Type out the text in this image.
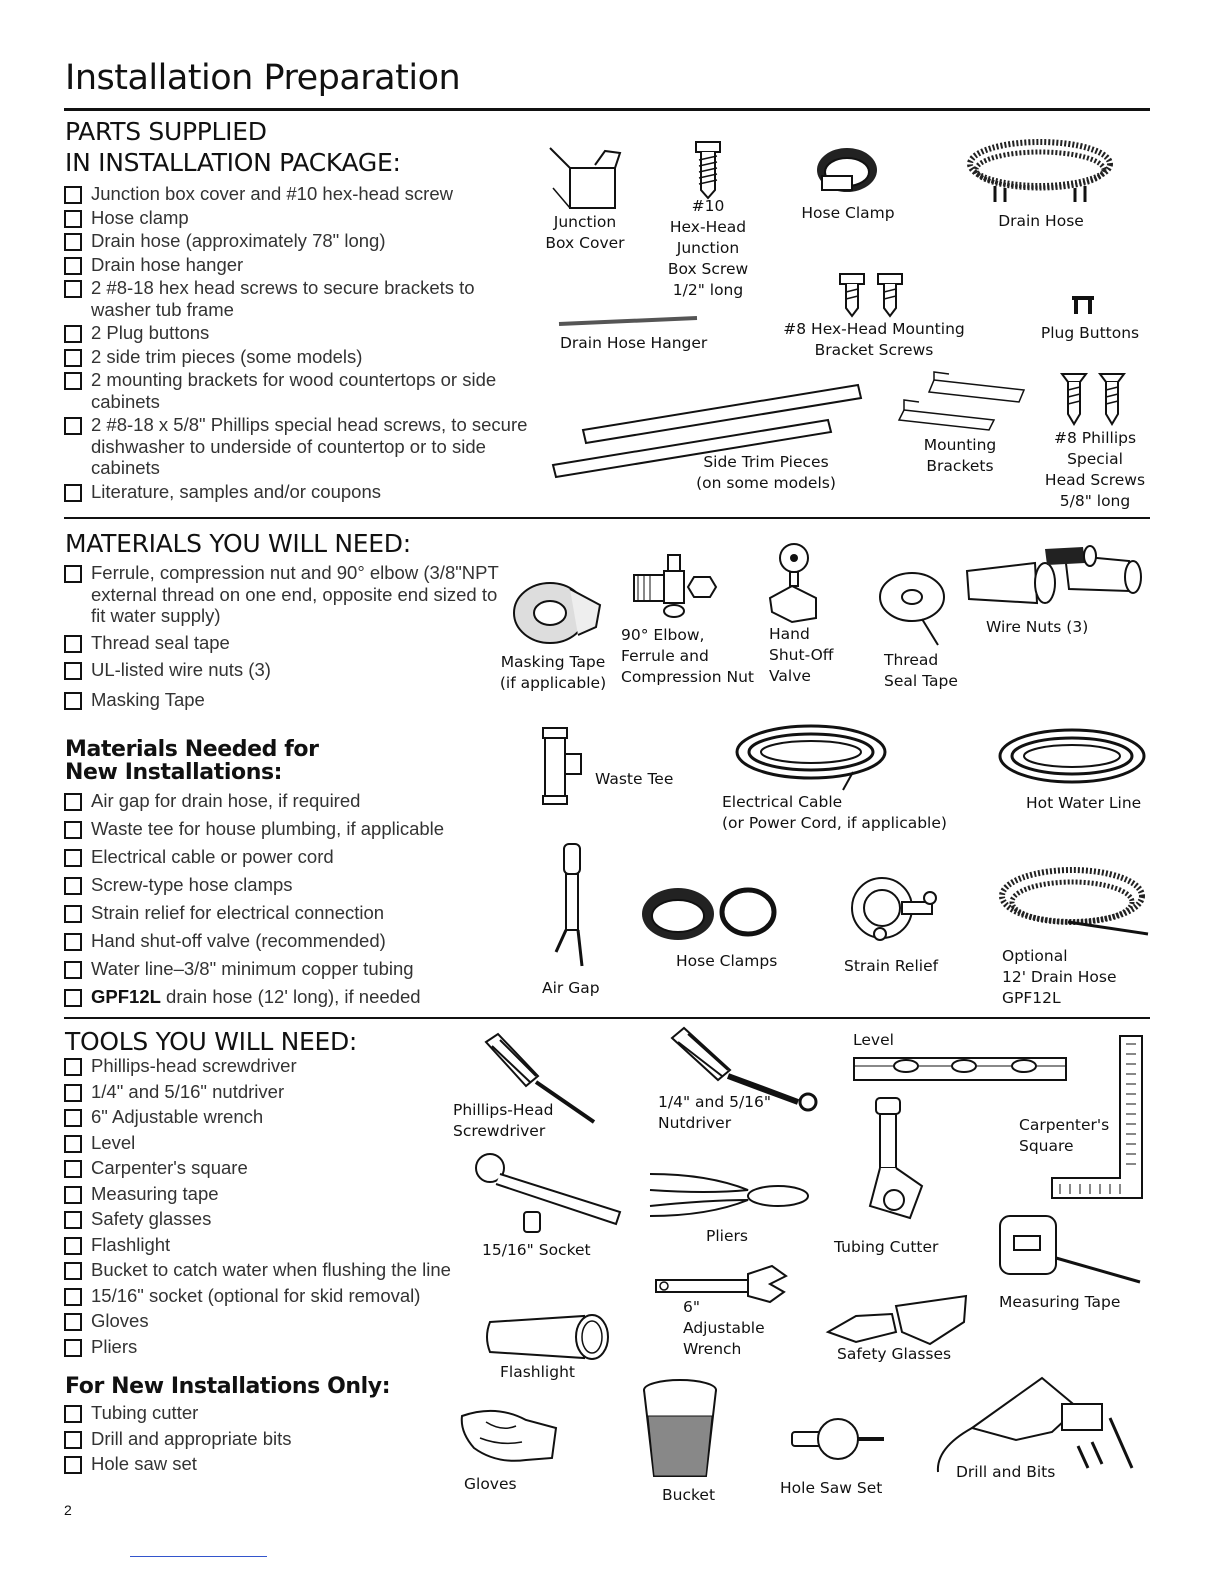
Installation Preparation
PARTS SUPPLIED
IN INSTALLATION PACKAGE:
Junction box cover and #10 hex-head screw
Hose clamp
Drain hose (approximately 78" long)
Drain hose hanger
2 #8-18 hex head screws to secure brackets to washer tub frame
2 Plug buttons
2 side trim pieces (some models)
2 mounting brackets for wood countertops or side cabinets
2 #8-18 x 5/8" Phillips special head screws, to secure dishwasher to underside of countertop or to side cabinets
Literature, samples and/or coupons
Junction
Box Cover
#10
Hex-Head
Junction
Box Screw
1/2" long
Hose Clamp	Drain Hose
Drain Hose Hanger
#8 Hex-Head Mounting
Bracket Screws
Plug Buttons
Side Trim Pieces
(on some models)
Mounting
Brackets
#8 Phillips
Special
Head Screws
5/8" long
MATERIALS YOU WILL NEED:
Ferrule, compression nut and 90° elbow (3/8"NPT external thread on one end, opposite end sized to fit water supply)
Thread seal tape
UL-listed wire nuts (3)
Masking Tape
Masking Tape
(if applicable)
90° Elbow,
Ferrule and
Compression Nut
Hand
Shut-Off
Valve
Thread
Seal Tape
Wire Nuts (3)
Materials Needed for
New Installations:
Air gap for drain hose, if required
Waste tee for house plumbing, if applicable
Electrical cable or power cord
Screw-type hose clamps
Strain relief for electrical connection
Hand shut-off valve (recommended)
Water line–3/8" minimum copper tubing
GPF12L drain hose (12' long), if needed
Waste Tee
Electrical Cable
(or Power Cord, if applicable)
Hot Water Line
Air Gap
Hose Clamps	Strain Relief
Optional
12' Drain Hose
GPF12L
TOOLS YOU WILL NEED:
Phillips-head screwdriver
1/4" and 5/16" nutdriver
6" Adjustable wrench
Level
Carpenter's square
Measuring tape
Safety glasses
Flashlight
Bucket to catch water when flushing the line
15/16" socket (optional for skid removal)
Gloves
Pliers
For New Installations Only:
Tubing cutter
Drill and appropriate bits
Hole saw set
Phillips-Head
Screwdriver
1/4" and 5/16"
Nutdriver
Level
Carpenter's
Square
15/16" Socket
Pliers
Tubing Cutter
Measuring Tape
6"
Adjustable
Wrench	Safety Glasses
Flashlight
Gloves
Bucket	Hole Saw Set
Drill and Bits
2
